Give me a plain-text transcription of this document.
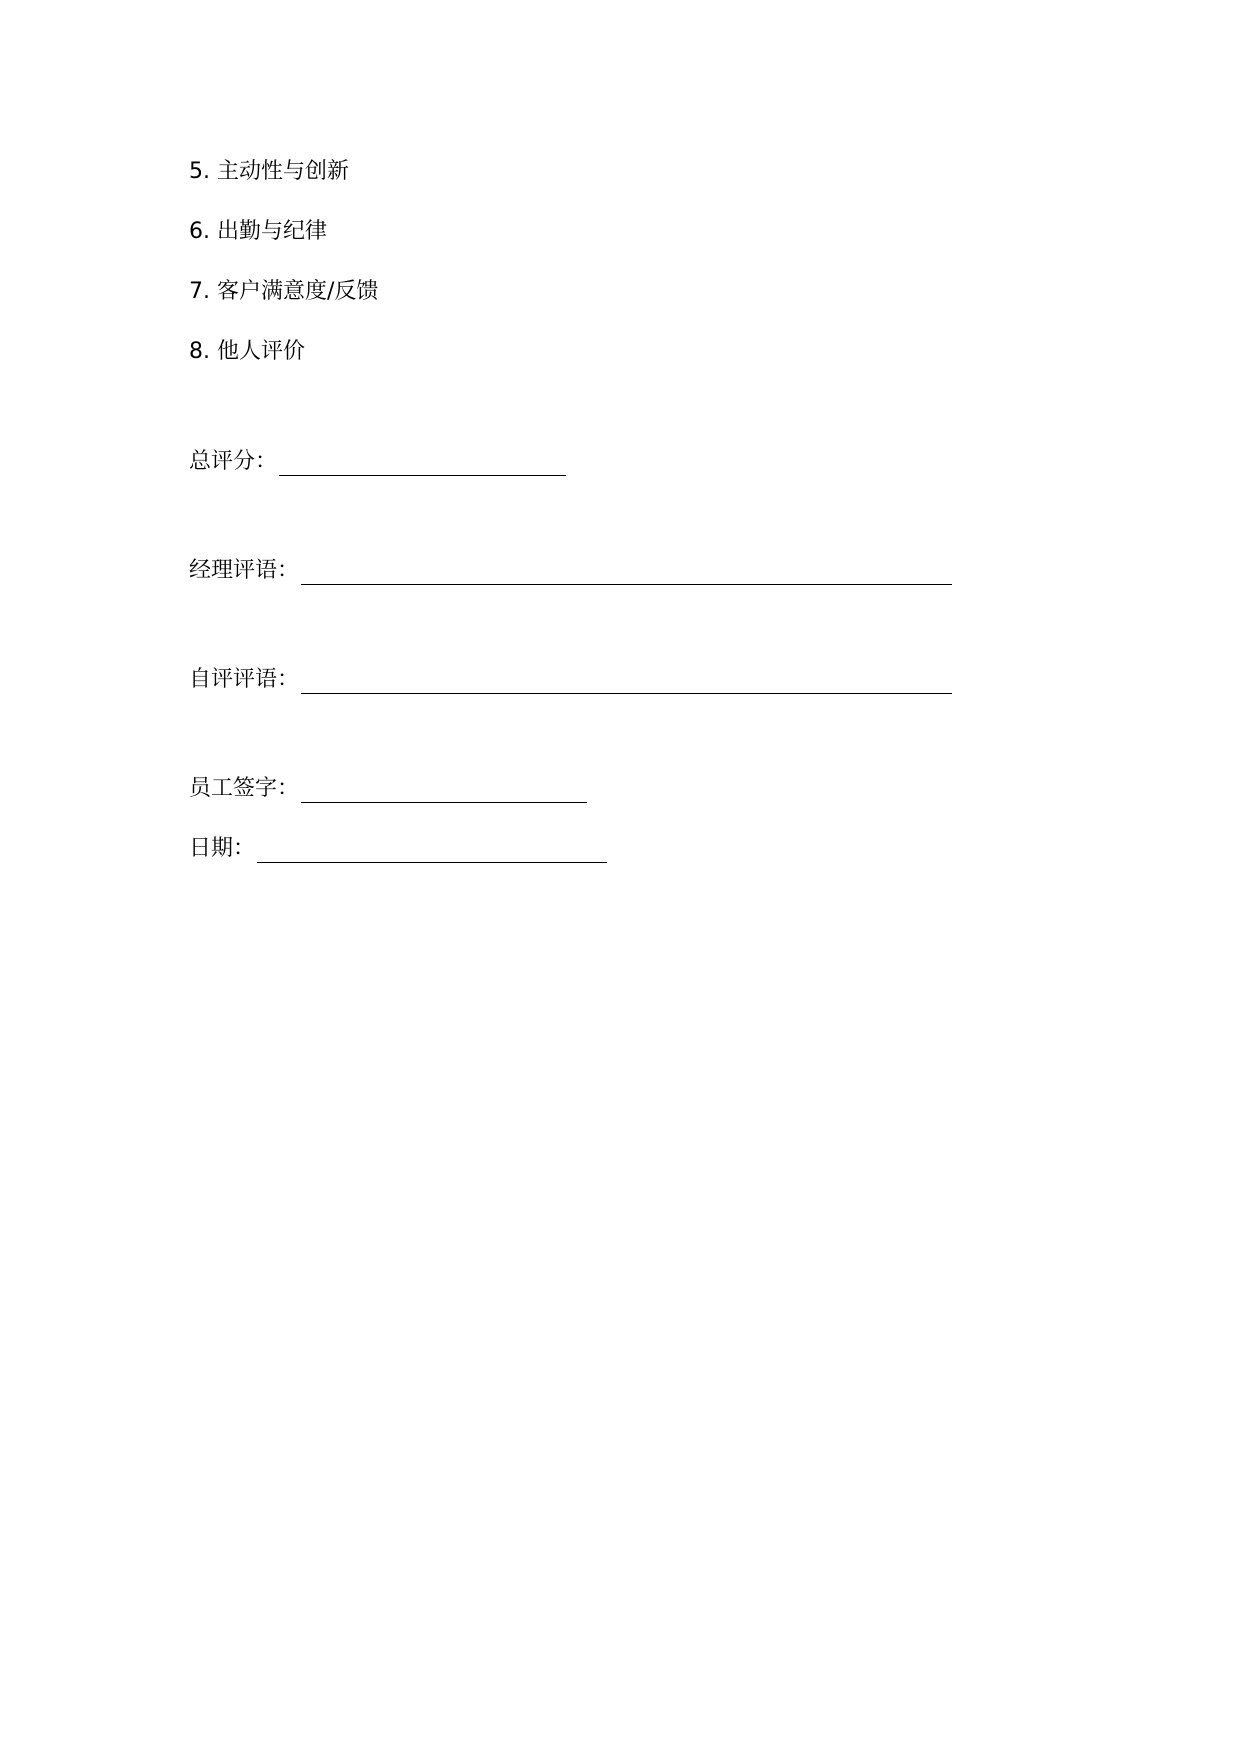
5. 主动性与创新
6. 出勤与纪律
7. 客户满意度/反馈
8. 他人评价
总评分：
经理评语：
自评评语：
员工签字：
日期：
